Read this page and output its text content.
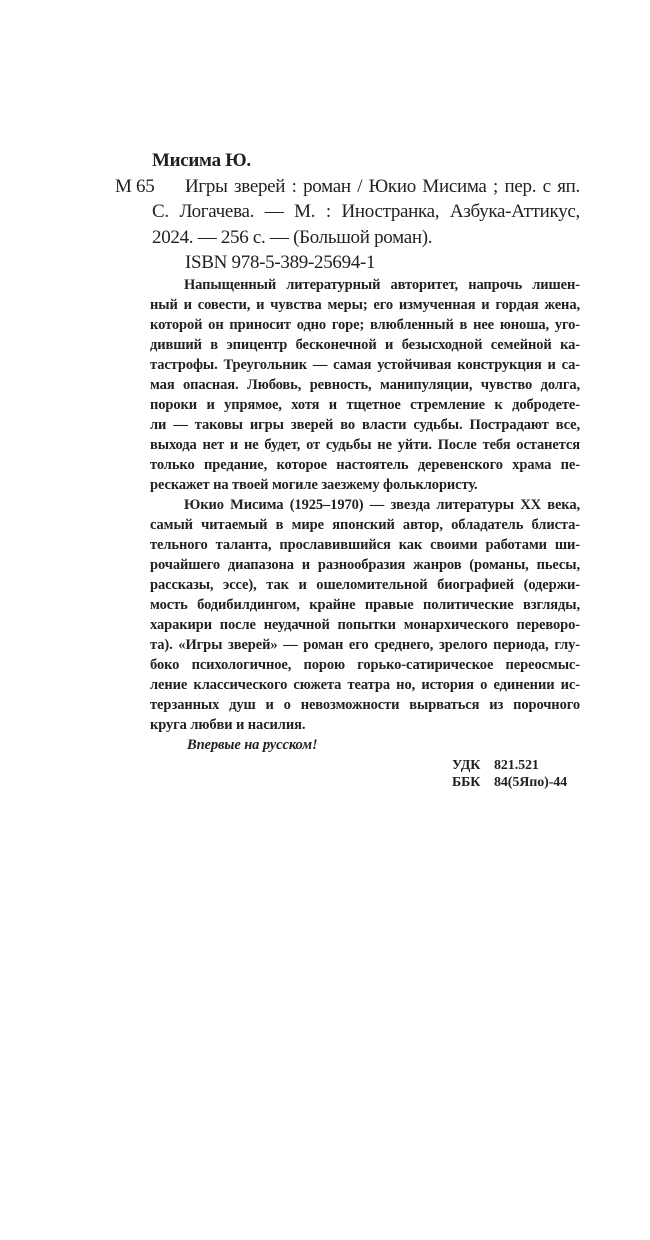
Мисима Ю.
М 65	Игры зверей : роман / Юкио Мисима ; пер. с яп.
С. Логачева. — М. : Иностранка, Азбука-Аттикус,
2024. — 256 с. — (Большой роман).
ISBN 978-5-389-25694-1
Напыщенный литературный авторитет, напрочь лишен-
ный и совести, и чувства меры; его измученная и гордая жена,
которой он приносит одно горе; влюбленный в нее юноша, уго-
дивший в эпицентр бесконечной и безысходной семейной ка-
тастрофы. Треугольник — самая устойчивая конструкция и са-
мая опасная. Любовь, ревность, манипуляции, чувство долга,
пороки и упрямое, хотя и тщетное стремление к добродете-
ли — таковы игры зверей во власти судьбы. Пострадают все,
выхода нет и не будет, от судьбы не уйти. После тебя останется
только предание, которое настоятель деревенского храма пе-
рескажет на твоей могиле заезжему фольклористу.
Юкио Мисима (1925–1970) — звезда литературы XX века,
самый читаемый в мире японский автор, обладатель блиста-
тельного таланта, прославившийся как своими работами ши-
рочайшего диапазона и разнообразия жанров (романы, пьесы,
рассказы, эссе), так и ошеломительной биографией (одержи-
мость бодибилдингом, крайне правые политические взгляды,
харакири после неудачной попытки монархического переворо-
та). «Игры зверей» — роман его среднего, зрелого периода, глу-
боко психологичное, порою горько-сатирическое переосмыс-
ление классического сюжета театра но, история о единении ис-
терзанных душ и о невозможности вырваться из порочного
круга любви и насилия.
Впервые на русском!
УДК 821.521
ББК 84(5Япо)-44
